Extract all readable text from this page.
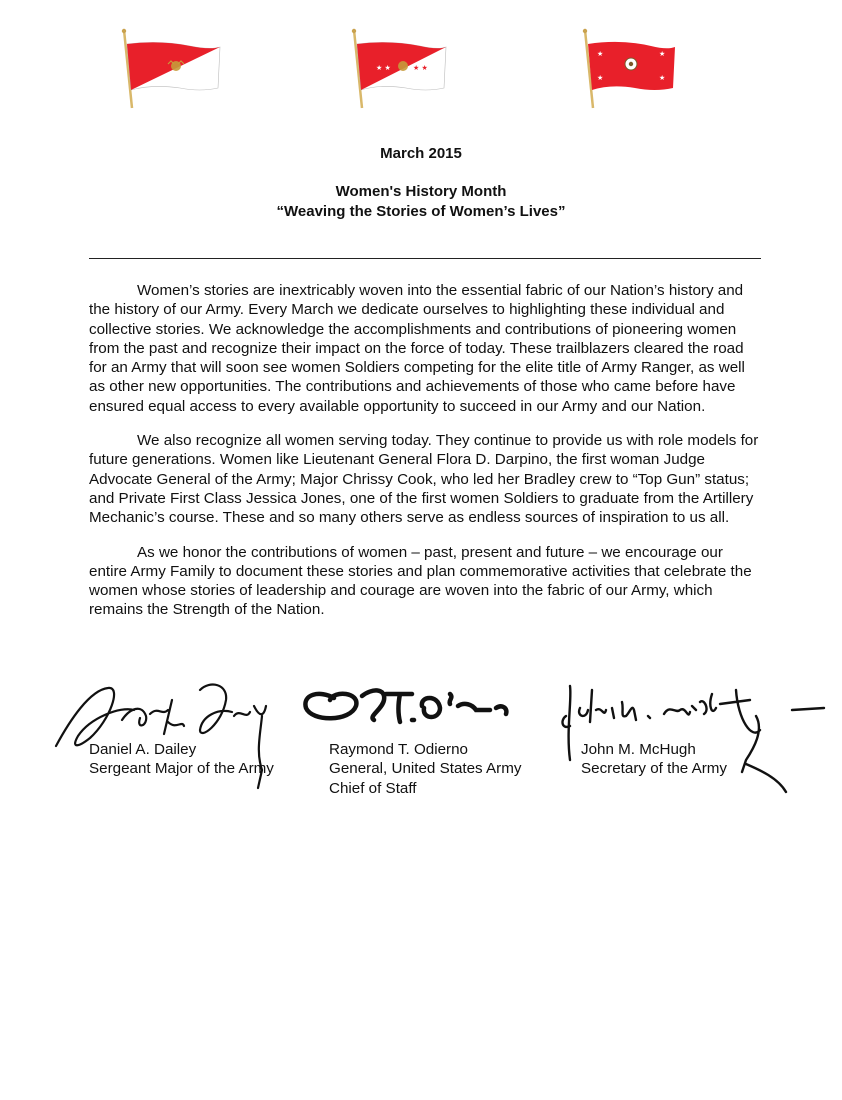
★ ★	★ ★
★	★
★	★
March 2015
Women's History Month
“Weaving the Stories of Women’s Lives”

Women’s stories are inextricably woven into the essential fabric of our Nation’s history and the history of our Army. Every March we dedicate ourselves to highlighting these individual and collective stories. We acknowledge the accomplishments and contributions of pioneering women from the past and recognize their impact on the force of today. These trailblazers cleared the road for an Army that will soon see women Soldiers competing for the elite title of Army Ranger, as well as other new opportunities. The contributions and achievements of those who came before have ensured equal access to every available opportunity to succeed in our Army and our Nation.

We also recognize all women serving today. They continue to provide us with role models for future generations. Women like Lieutenant General Flora D. Darpino, the first woman Judge Advocate General of the Army; Major Chrissy Cook, who led her Bradley crew to “Top Gun” status; and Private First Class Jessica Jones, one of the first women Soldiers to graduate from the Artillery Mechanic’s course. These and so many others serve as endless sources of inspiration to us all.

As we honor the contributions of women – past, present and future – we encourage our entire Army Family to document these stories and plan commemorative activities that celebrate the women whose stories of leadership and courage are woven into the fabric of our Army, which remains the Strength of the Nation.

Daniel A. Dailey
Sergeant Major of the Army
Raymond T. Odierno
General, United States Army
Chief of Staff
John M. McHugh
Secretary of the Army
